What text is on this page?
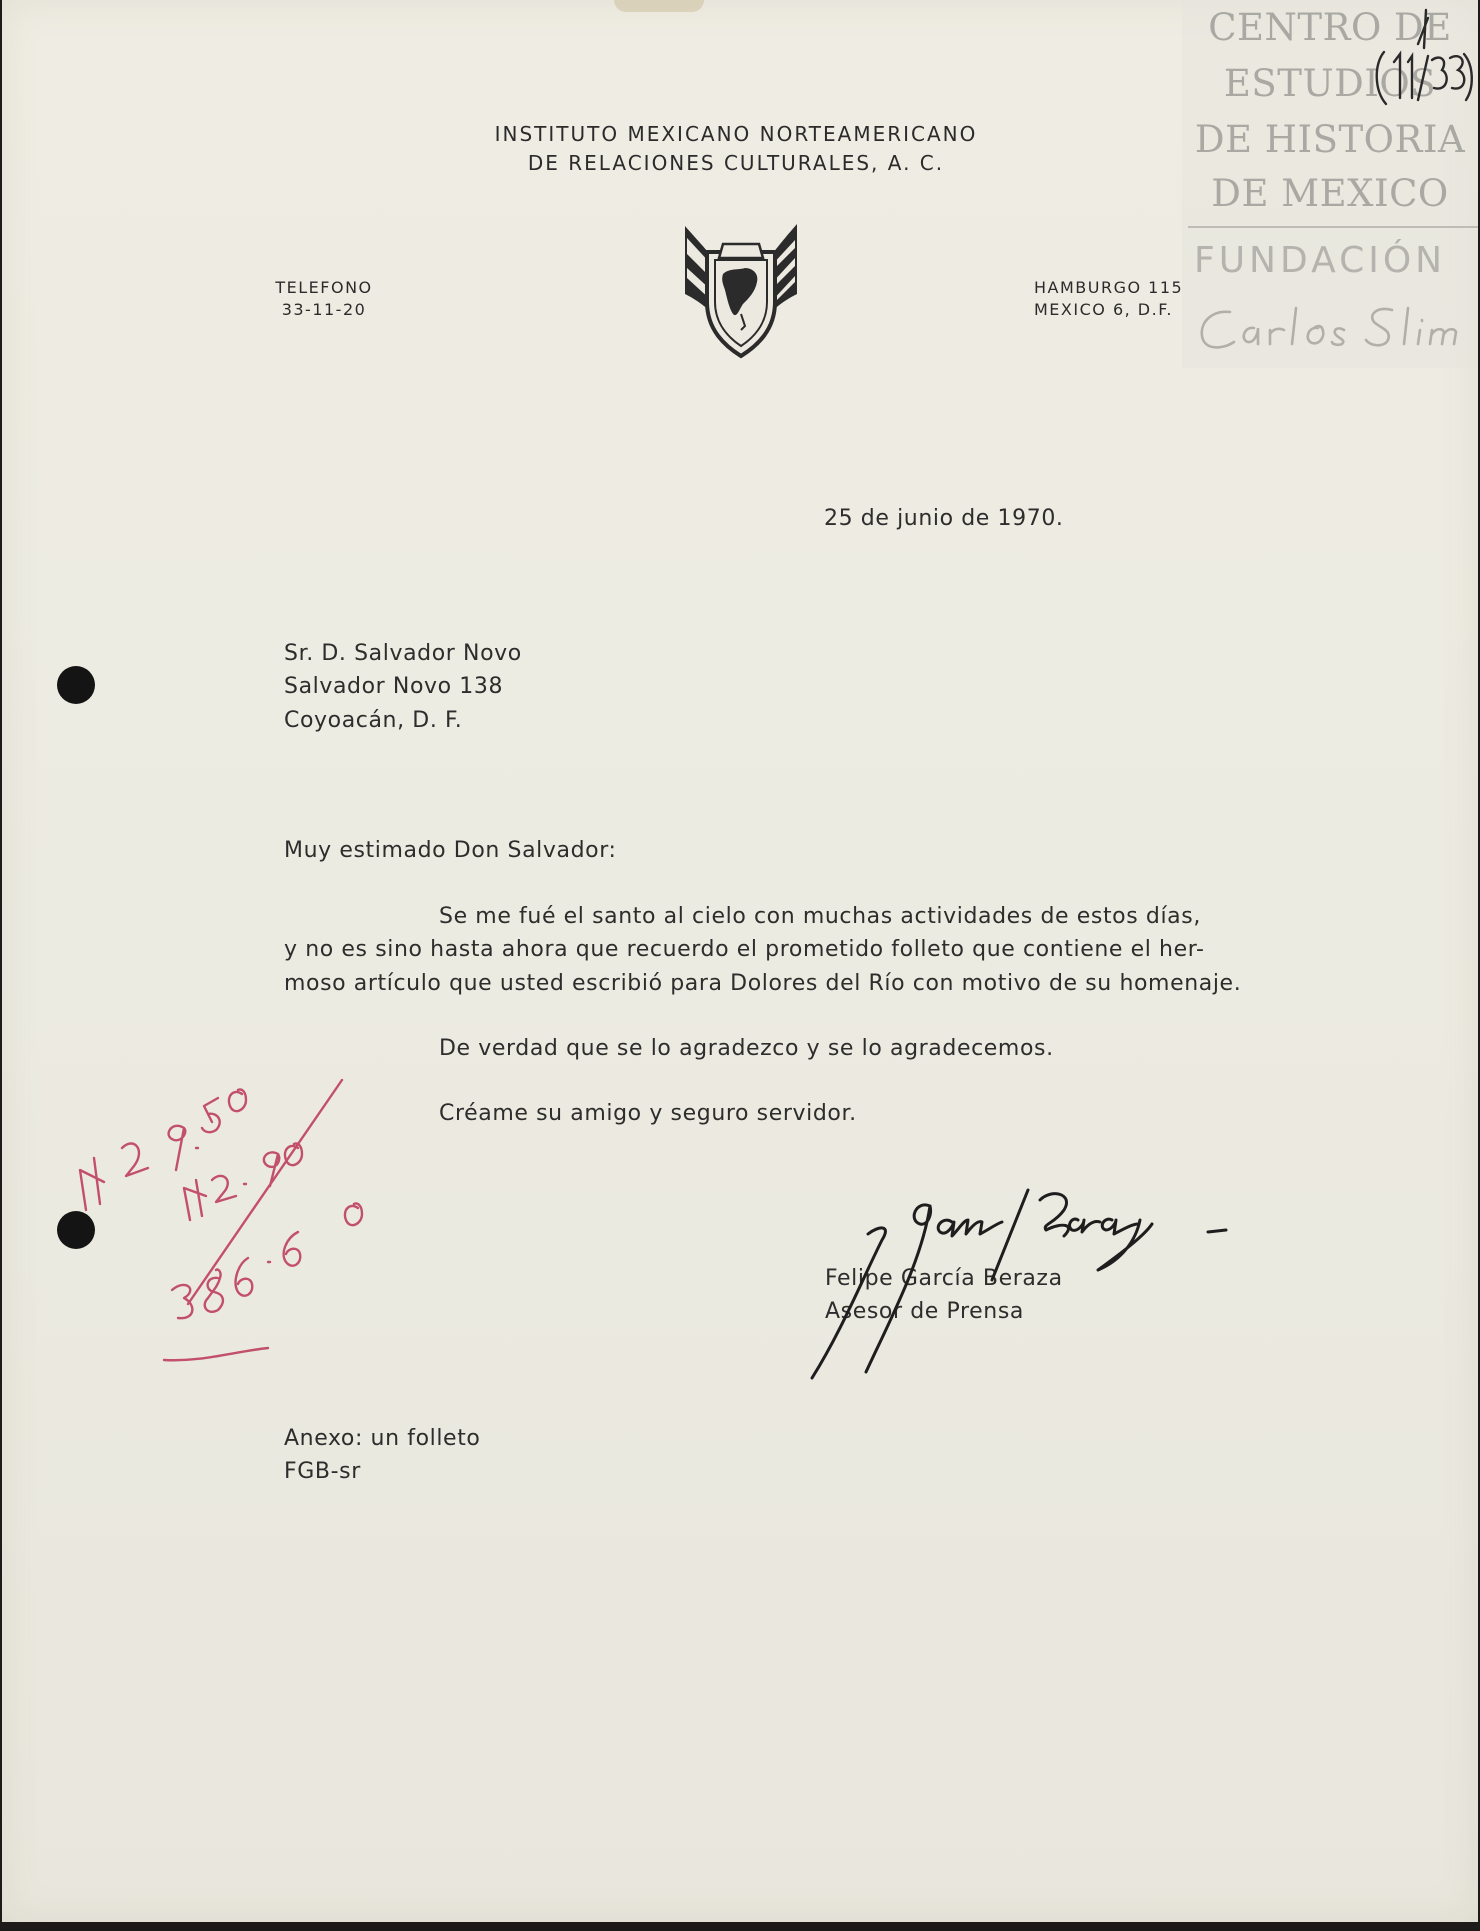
CENTRO DE
ESTUDIOS
DE HISTORIA
DE MEXICO
FUNDACIÓN
INSTITUTO MEXICANO NORTEAMERICANO
DE RELACIONES CULTURALES, A. C.
TELEFONO
33-11-20
HAMBURGO 115
MEXICO 6, D.F.
25 de junio de 1970.
Sr. D. Salvador Novo
Salvador Novo 138
Coyoacán, D. F.
Muy estimado Don Salvador:
Se me fué el santo al cielo con muchas actividades de estos días,
y no es sino hasta ahora que recuerdo el prometido folleto que contiene el her-
moso artículo que usted escribió para Dolores del Río con motivo de su homenaje.
De verdad que se lo agradezco y se lo agradecemos.
Créame su amigo y seguro servidor.
Felipe García Beraza
Asesor de Prensa
Anexo: un folleto
FGB-sr
